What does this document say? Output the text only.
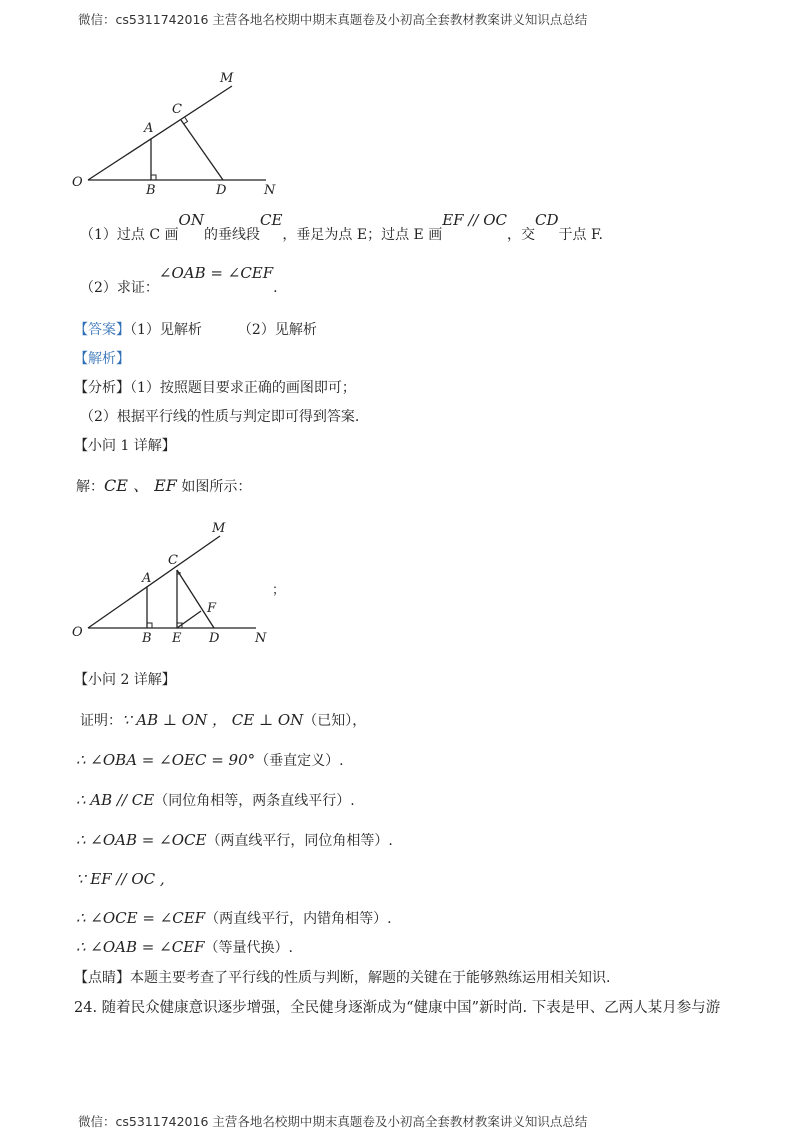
微信：cs5311742016 主营各地名校期中期末真题卷及小初高全套教材教案讲义知识点总结
M
C
A
O
B	D	N
（1）过点 C 画ON的垂线段CE，垂足为点 E；过点 E 画EF // OC，交CD于点 F.
（2）求证：∠OAB = ∠CEF.
【答案】（1）见解析	（2）见解析
【解析】
【分析】（1）按照题目要求正确的画图即可；
（2）根据平行线的性质与判定即可得到答案.
【小问 1 详解】
解：CE 、 EF 如图所示：
M
C
A
F
O	B E D	N
；
【小问 2 详解】
证明：∵ AB ⊥ ON ， CE ⊥ ON（已知），
∴ ∠OBA = ∠OEC = 90°（垂直定义）.
∴ AB // CE（同位角相等，两条直线平行）.
∴ ∠OAB = ∠OCE（两直线平行，同位角相等）.
∵ EF // OC ,
∴ ∠OCE = ∠CEF（两直线平行，内错角相等）.
∴ ∠OAB = ∠CEF（等量代换）.
【点睛】本题主要考查了平行线的性质与判断，解题的关键在于能够熟练运用相关知识.
24. 随着民众健康意识逐步增强，全民健身逐渐成为“健康中国”新时尚. 下表是甲、乙两人某月参与游
微信：cs5311742016 主营各地名校期中期末真题卷及小初高全套教材教案讲义知识点总结
